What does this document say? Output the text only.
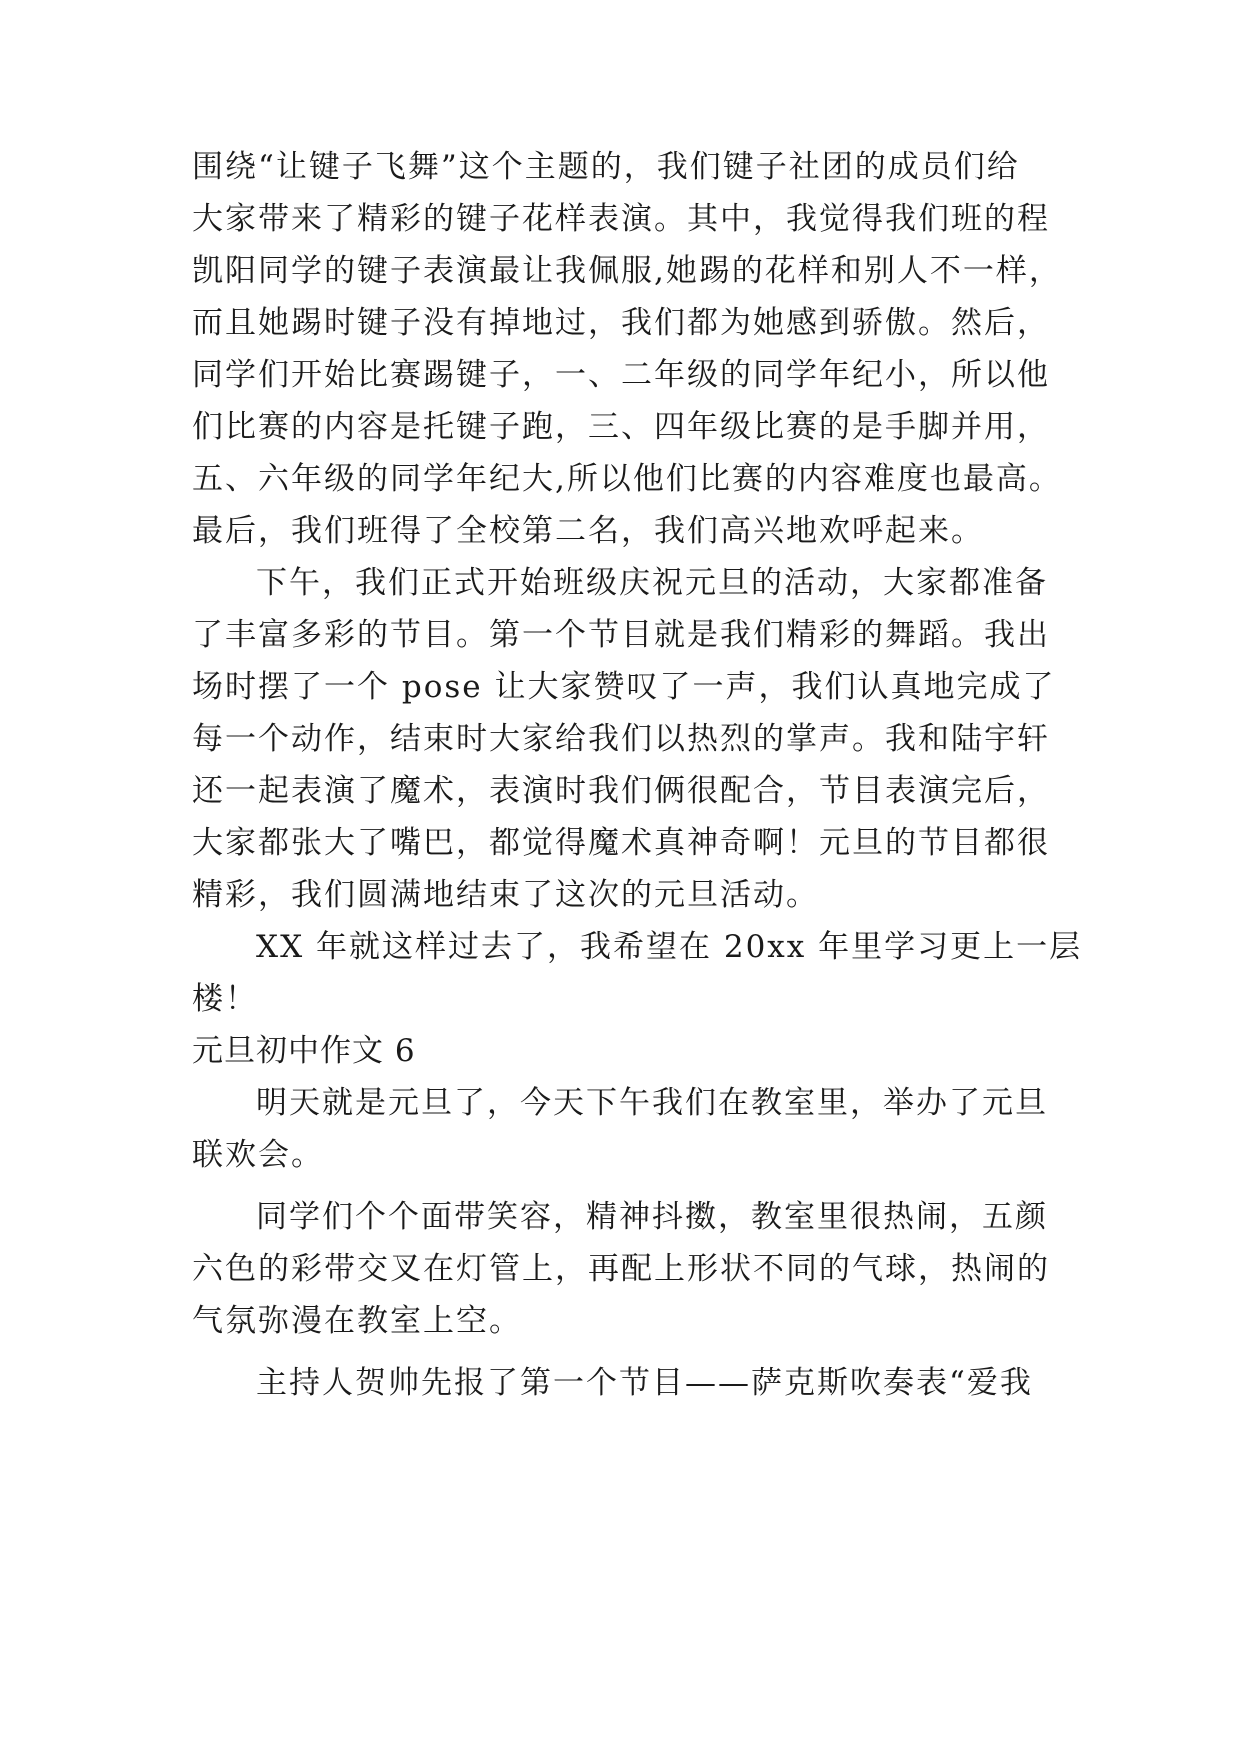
围绕“让键子飞舞”这个主题的，我们键子社团的成员们给
大家带来了精彩的键子花样表演。其中，我觉得我们班的程
凯阳同学的键子表演最让我佩服,她踢的花样和别人不一样，
而且她踢时键子没有掉地过，我们都为她感到骄傲。然后，
同学们开始比赛踢键子，一、二年级的同学年纪小，所以他
们比赛的内容是托键子跑，三、四年级比赛的是手脚并用，
五、六年级的同学年纪大,所以他们比赛的内容难度也最高。
最后，我们班得了全校第二名，我们高兴地欢呼起来。
下午，我们正式开始班级庆祝元旦的活动，大家都准备
了丰富多彩的节目。第一个节目就是我们精彩的舞蹈。我出
场时摆了一个 pose 让大家赞叹了一声，我们认真地完成了
每一个动作，结束时大家给我们以热烈的掌声。我和陆宇轩
还一起表演了魔术，表演时我们俩很配合，节目表演完后，
大家都张大了嘴巴，都觉得魔术真神奇啊！元旦的节目都很
精彩，我们圆满地结束了这次的元旦活动。
XX 年就这样过去了，我希望在 20xx 年里学习更上一层
楼！
元旦初中作文 6
明天就是元旦了，今天下午我们在教室里，举办了元旦
联欢会。
同学们个个面带笑容，精神抖擞，教室里很热闹，五颜
六色的彩带交叉在灯管上，再配上形状不同的气球，热闹的
气氛弥漫在教室上空。
主持人贺帅先报了第一个节目——萨克斯吹奏表“爱我
